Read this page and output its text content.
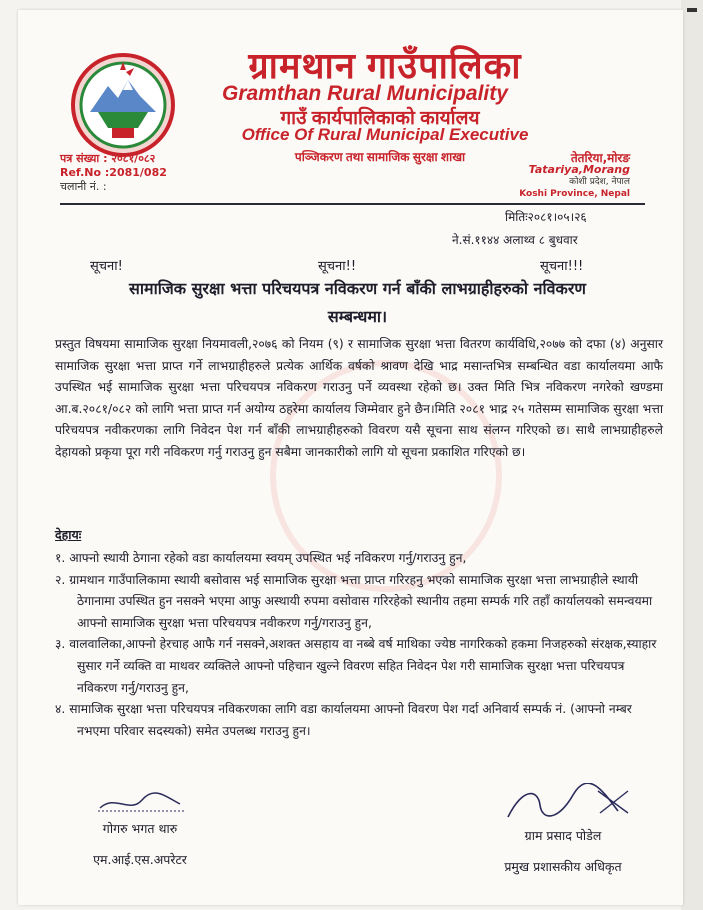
ग्रामथान गाउँपालिका
Gramthan Rural Municipality
गाउँ कार्यपालिकाको कार्यालय
Office Of Rural Municipal Executive
पञ्जिकरण तथा सामाजिक सुरक्षा शाखा
पत्र संख्या : २०८१/०८२
Ref.No :2081/082
चलानी नं. :
तेतरिया,मोरङ
Tatariya,Morang
कोशी प्रदेश, नेपाल
Koshi Province, Nepal
मितिः२०८१।०५।२६
ने.सं.११४४ अलाथ्व ८ बुधवार
सूचना!	सूचना!!	सूचना!!!
सामाजिक सुरक्षा भत्ता परिचयपत्र नविकरण गर्न बाँकी लाभग्राहीहरुको नविकरण
सम्बन्धमा।
प्रस्तुत विषयमा सामाजिक सुरक्षा नियमावली,२०७६ को नियम (९) र सामाजिक सुरक्षा भत्ता वितरण कार्यविधि,२०७७ को दफा (४) अनुसार सामाजिक सुरक्षा भत्ता प्राप्त गर्ने लाभग्राहीहरुले प्रत्येक आर्थिक वर्षको श्रावण देखि भाद्र मसान्तभित्र सम्बन्धित वडा कार्यालयमा आफै उपस्थित भई सामाजिक सुरक्षा भत्ता परिचयपत्र नविकरण गराउनु पर्ने व्यवस्था रहेको छ। उक्त मिति भित्र नविकरण नगरेको खण्डमा आ.ब.२०८१/०८२ को लागि भत्ता प्राप्त गर्न अयोग्य ठहरेमा कार्यालय जिम्मेवार हुने छैन।मिति २०८१ भाद्र २५ गतेसम्म सामाजिक सुरक्षा भत्ता परिचयपत्र नवीकरणका लागि निवेदन पेश गर्न बाँकी लाभग्राहीहरुको विवरण यसै सूचना साथ संलग्न गरिएको छ। साथै लाभग्राहीहरुले देहायको प्रकृया पूरा गरी नविकरण गर्नु गराउनु हुन सबैमा जानकारीको लागि यो सूचना प्रकाशित गरिएको छ।
देहायः
१. आफ्नो स्थायी ठेगाना रहेको वडा कार्यालयमा स्वयम् उपस्थित भई नविकरण गर्नु/गराउनु हुन,
२. ग्रामथान गाउँपालिकामा स्थायी बसोवास भई सामाजिक सुरक्षा भत्ता प्राप्त गरिरहनु भएको सामाजिक सुरक्षा भत्ता लाभग्राहीले स्थायी ठेगानामा उपस्थित हुन नसक्ने भएमा आफु अस्थायी रुपमा वसोवास गरिरहेको स्थानीय तहमा सम्पर्क गरि तहाँ कार्यालयको समन्वयमा आफ्नो सामाजिक सुरक्षा भत्ता परिचयपत्र नवीकरण गर्नु/गराउनु हुन,
३. वालवालिका,आफ्नो हेरचाह आफै गर्न नसक्ने,अशक्त असहाय वा नब्बे वर्ष माथिका ज्येष्ठ नागरिकको हकमा निजहरुको संरक्षक,स्याहार सुसार गर्ने व्यक्ति वा माथवर व्यक्तिले आफ्नो पहिचान खुल्ने विवरण सहित निवेदन पेश गरी सामाजिक सुरक्षा भत्ता परिचयपत्र नविकरण गर्नु/गराउनु हुन,
४. सामाजिक सुरक्षा भत्ता परिचयपत्र नविकरणका लागि वडा कार्यालयमा आफ्नो विवरण पेश गर्दा अनिवार्य सम्पर्क नं. (आफ्नो नम्बर नभएमा परिवार सदस्यको) समेत उपलब्ध गराउनु हुन।
गोगरु भगत थारु
एम.आई.एस.अपरेटर
ग्राम प्रसाद पोडेल
प्रमुख प्रशासकीय अधिकृत
